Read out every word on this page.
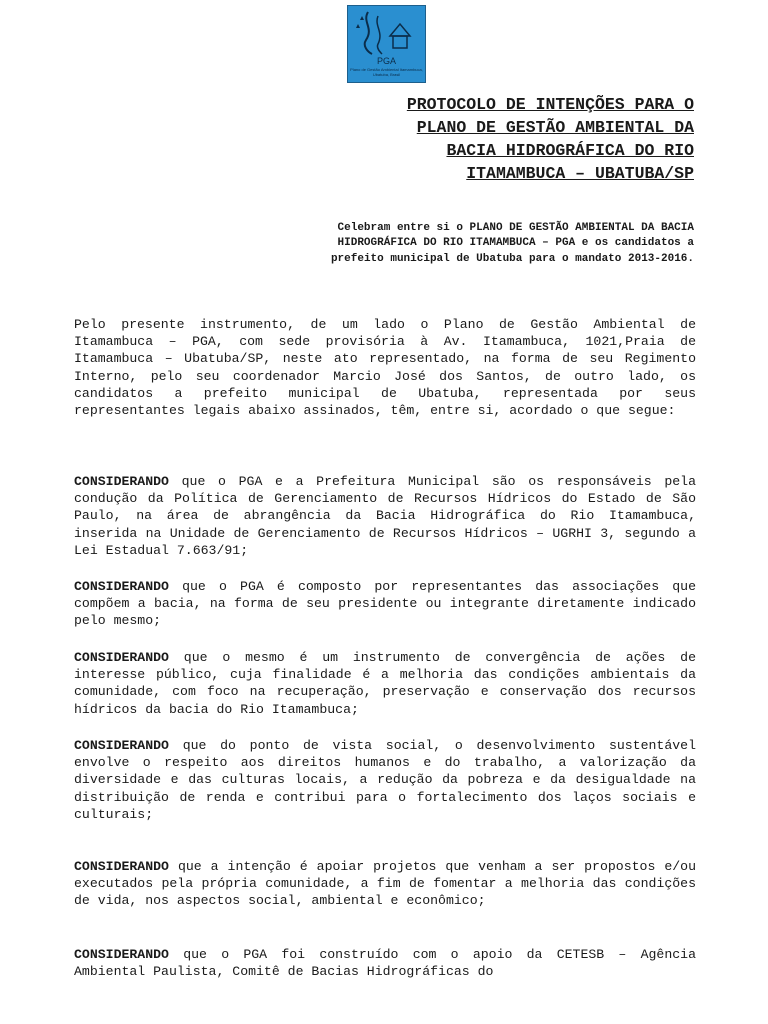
PGA
Plano de Gestão Ambiental Itamambuca, Ubatuba, Brasil
PROTOCOLO DE INTENÇÕES PARA O
PLANO DE GESTÃO AMBIENTAL DA
BACIA HIDROGRÁFICA DO RIO
ITAMAMBUCA – UBATUBA/SP
Celebram entre si o PLANO DE GESTÃO AMBIENTAL DA BACIA HIDROGRÁFICA DO RIO ITAMAMBUCA – PGA e os candidatos a prefeito municipal de Ubatuba para o mandato 2013-2016.

Pelo presente instrumento, de um lado o Plano de Gestão Ambiental de Itamambuca – PGA, com sede provisória à Av. Itamambuca, 1021,Praia de Itamambuca – Ubatuba/SP, neste ato representado, na forma de seu Regimento Interno, pelo seu coordenador Marcio José dos Santos, de outro lado, os candidatos a prefeito municipal de Ubatuba, representada por seus representantes legais abaixo assinados, têm, entre si, acordado o que segue:

CONSIDERANDO que o PGA e a Prefeitura Municipal são os responsáveis pela condução da Política de Gerenciamento de Recursos Hídricos do Estado de São Paulo, na área de abrangência da Bacia Hidrográfica do Rio Itamambuca, inserida na Unidade de Gerenciamento de Recursos Hídricos – UGRHI 3, segundo a Lei Estadual 7.663/91;

CONSIDERANDO que o PGA é composto por representantes das associações que compõem a bacia, na forma de seu presidente ou integrante diretamente indicado pelo mesmo;

CONSIDERANDO que o mesmo é um instrumento de convergência de ações de interesse público, cuja finalidade é a melhoria das condições ambientais da comunidade, com foco na recuperação, preservação e conservação dos recursos hídricos da bacia do Rio Itamambuca;

CONSIDERANDO que do ponto de vista social, o desenvolvimento sustentável envolve o respeito aos direitos humanos e do trabalho, a valorização da diversidade e das culturas locais, a redução da pobreza e da desigualdade na distribuição de renda e contribui para o fortalecimento dos laços sociais e culturais;

CONSIDERANDO que a intenção é apoiar projetos que venham a ser propostos e/ou executados pela própria comunidade, a fim de fomentar a melhoria das condições de vida, nos aspectos social, ambiental e econômico;

CONSIDERANDO que o PGA foi construído com o apoio da CETESB – Agência Ambiental Paulista, Comitê de Bacias Hidrográficas do
